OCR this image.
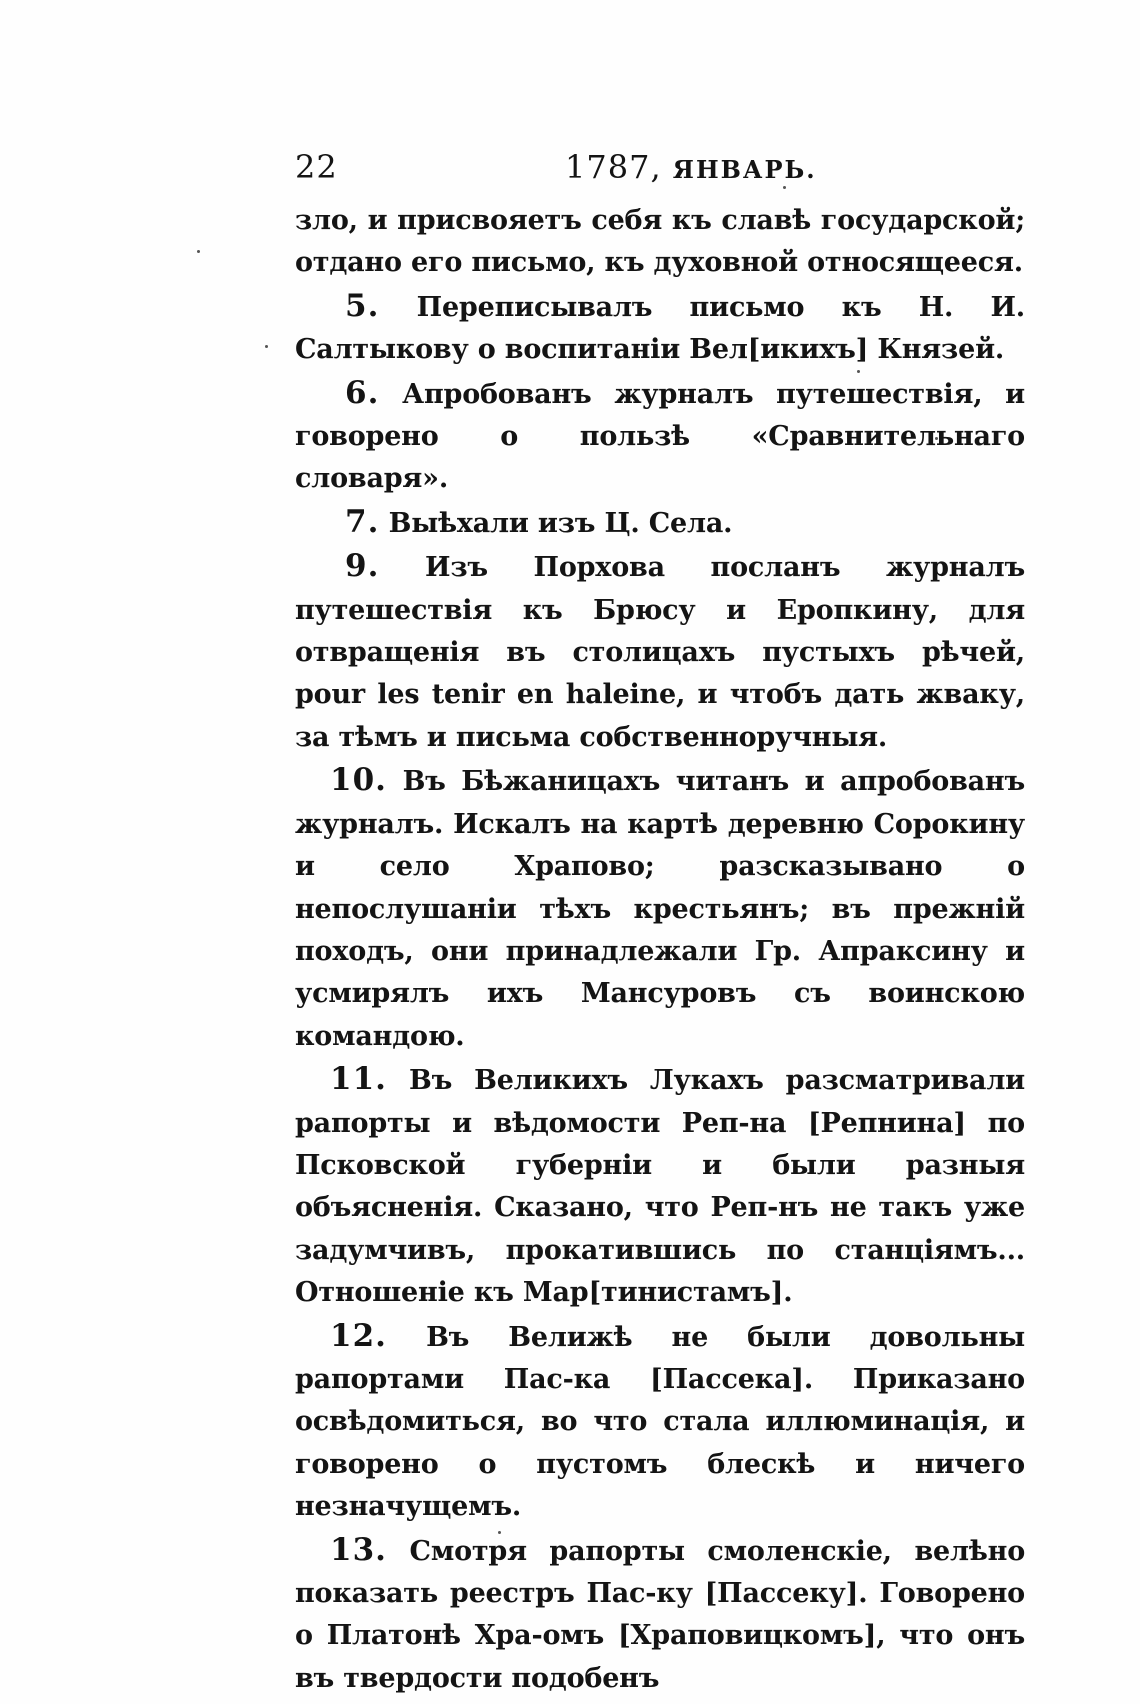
22	1787, ЯНВАРЬ.

зло, и присвояетъ себя къ славѣ государской; отдано его письмо, къ духовной относящееся.

5. Переписывалъ письмо къ Н. И. Салтыкову о воспитаніи Вел[икихъ] Князей.

6. Апробованъ журналъ путешествія, и говорено о пользѣ «Сравнительнаго словаря».

7. Выѣхали изъ Ц. Села.

9. Изъ Порхова посланъ журналъ путешествія къ Брюсу и Еропкину, для отвращенія въ столицахъ пустыхъ рѣчей, pour les tenir en haleine, и чтобъ дать жваку, за тѣмъ и письма собственноручныя.

10. Въ Бѣжаницахъ читанъ и апробованъ журналъ. Искалъ на картѣ деревню Сорокину и село Храпово; разсказывано о непослушаніи тѣхъ крестьянъ; въ прежній походъ, они принадлежали Гр. Апраксину и усмирялъ ихъ Мансуровъ съ воинскою командою.

11. Въ Великихъ Лукахъ разсматривали рапорты и вѣдомости Реп-на [Репнина] по Псковской губерніи и были разныя объясненія. Сказано, что Реп-нъ не такъ уже задумчивъ, прокатившись по станціямъ... Отношеніе къ Мар[тинистамъ].

12. Въ Велижѣ не были довольны рапортами Пас-ка [Пассека]. Приказано освѣдомиться, во что стала иллюминація, и говорено о пустомъ блескѣ и ничего незначущемъ.

13. Смотря рапорты смоленскіе, велѣно показать реестръ Пас-ку [Пассеку]. Говорено о Платонѣ Хра-омъ [Храповицкомъ], что онъ въ твердости подобенъ
